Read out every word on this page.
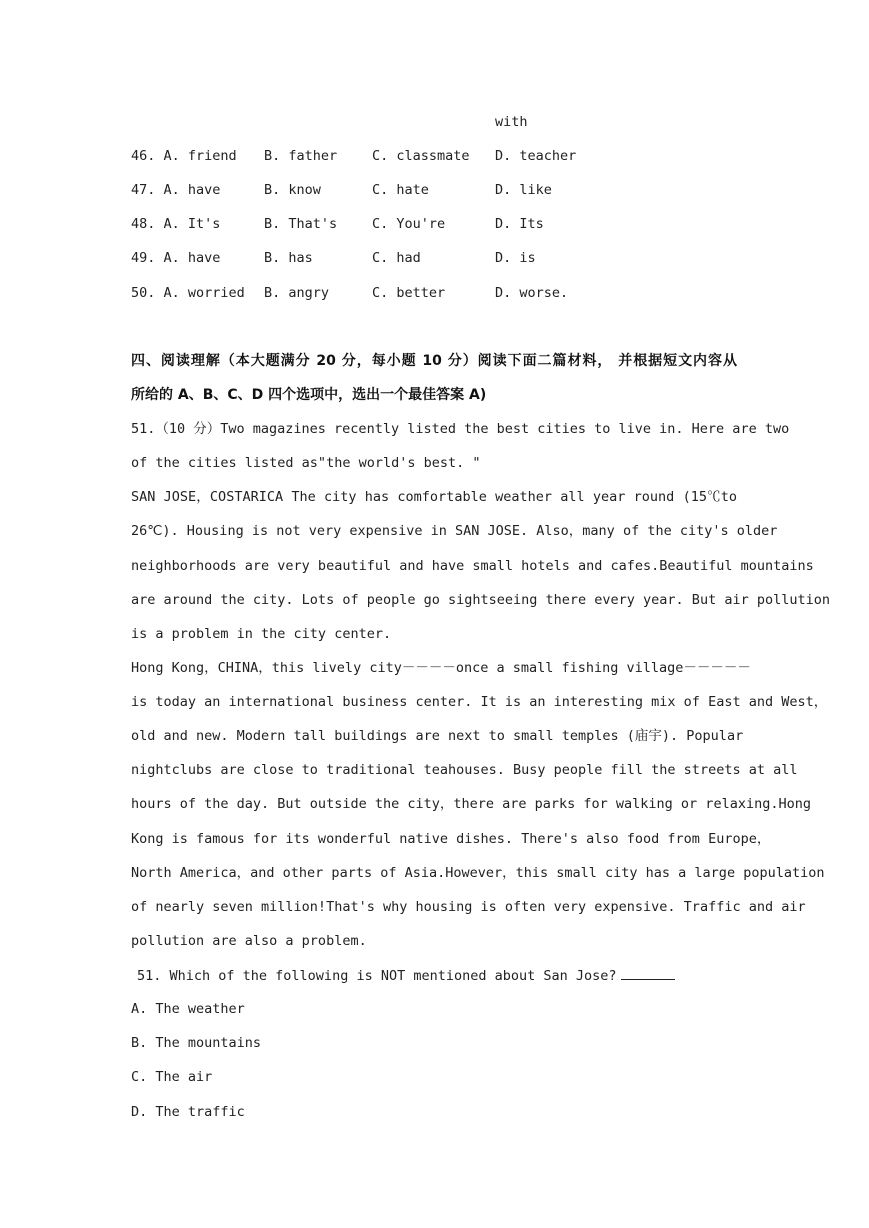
with
46. A. friend B. father	C. classmate D. teacher
47. A. have	B. know	C. hate	D. like
48. A. It's	B. That's	C. You're	D. Its
49. A. have	B. has	C. had	D. is
50. A. worried B. angry	C. better	D. worse.
四、阅读理解（本大题满分 20 分，每小题 10 分）阅读下面二篇材料， 并根据短文内容从
所给的 A、B、C、D 四个选项中，选出一个最佳答案 A)
51.（10 分）Two magazines recently listed the best cities to live in. Here are two
of the cities listed as"the world's best. "
SAN JOSE，COSTARICA The city has comfortable weather all year round (15℃to
26℃). Housing is not very expensive in SAN JOSE. Also，many of the city's older
neighborhoods are very beautiful and have small hotels and cafes.Beautiful mountains
are around the city. Lots of people go sightseeing there every year. But air pollution
is a problem in the city center.
Hong Kong，CHINA，this lively city－－－－once a small fishing village－－－－－
is today an international business center. It is an interesting mix of East and West，
old and new. Modern tall buildings are next to small temples (庙宇). Popular
nightclubs are close to traditional teahouses. Busy people fill the streets at all
hours of the day. But outside the city，there are parks for walking or relaxing.Hong
Kong is famous for its wonderful native dishes. There's also food from Europe，
North America，and other parts of Asia.However，this small city has a large population
of nearly seven million!That's why housing is often very expensive. Traffic and air
pollution are also a problem.
51. Which of the following is NOT mentioned about San Jose?
A. The weather
B. The mountains
C. The air
D. The traffic
